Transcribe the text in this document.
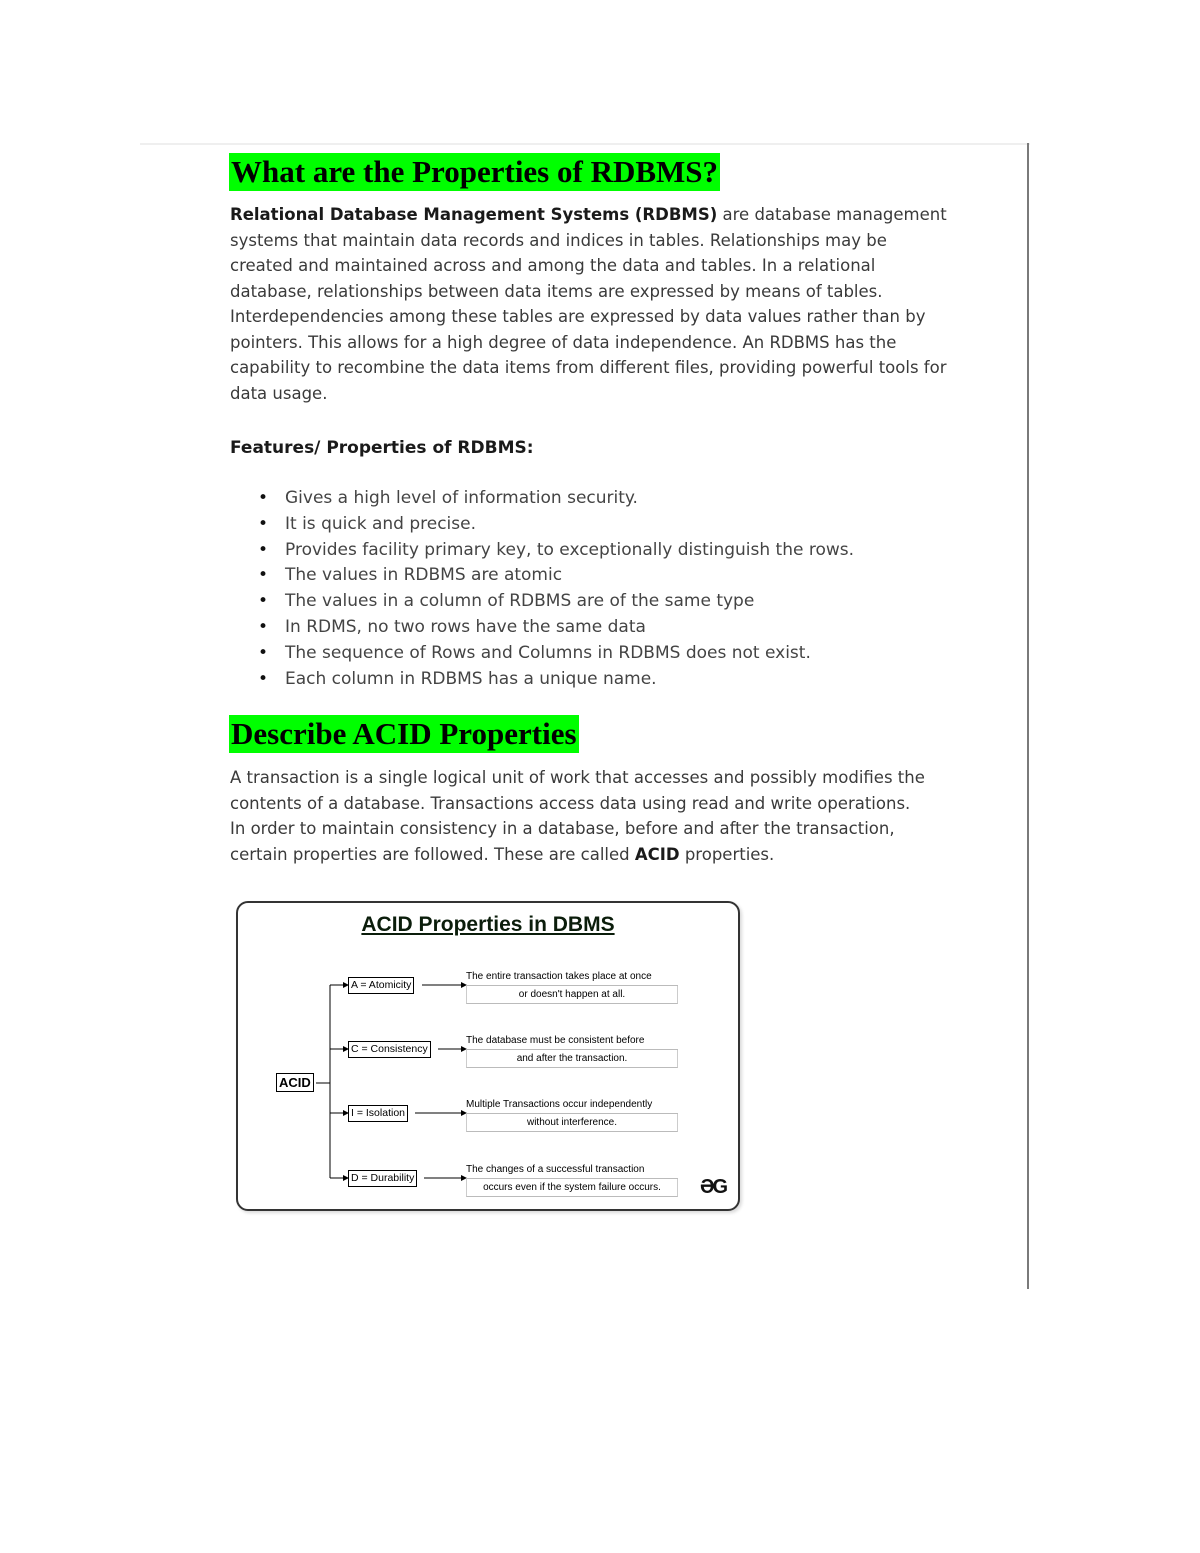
What are the Properties of RDBMS?

Relational Database Management Systems (RDBMS) are database management systems that maintain data records and indices in tables. Relationships may be created and maintained across and among the data and tables. In a relational database, relationships between data items are expressed by means of tables. Interdependencies among these tables are expressed by data values rather than by pointers. This allows for a high degree of data independence. An RDBMS has the capability to recombine the data items from different files, providing powerful tools for data usage.

Features/ Properties of RDBMS:

• Gives a high level of information security.
• It is quick and precise.
• Provides facility primary key, to exceptionally distinguish the rows.
• The values in RDBMS are atomic
• The values in a column of RDBMS are of the same type
• In RDMS, no two rows have the same data
• The sequence of Rows and Columns in RDBMS does not exist.
• Each column in RDBMS has a unique name.
Describe ACID Properties

A transaction is a single logical unit of work that accesses and possibly modifies the contents of a database. Transactions access data using read and write operations.
In order to maintain consistency in a database, before and after the transaction, certain properties are followed. These are called ACID properties.

ACID Properties in DBMS
ACID
A = Atomicity
C = Consistency
I = Isolation
D = Durability
The entire transaction takes place at once
or doesn't happen at all.
The database must be consistent before
and after the transaction.
Multiple Transactions occur independently
without interference.
The changes of a successful transaction
occurs even if the system failure occurs.	ƏG
